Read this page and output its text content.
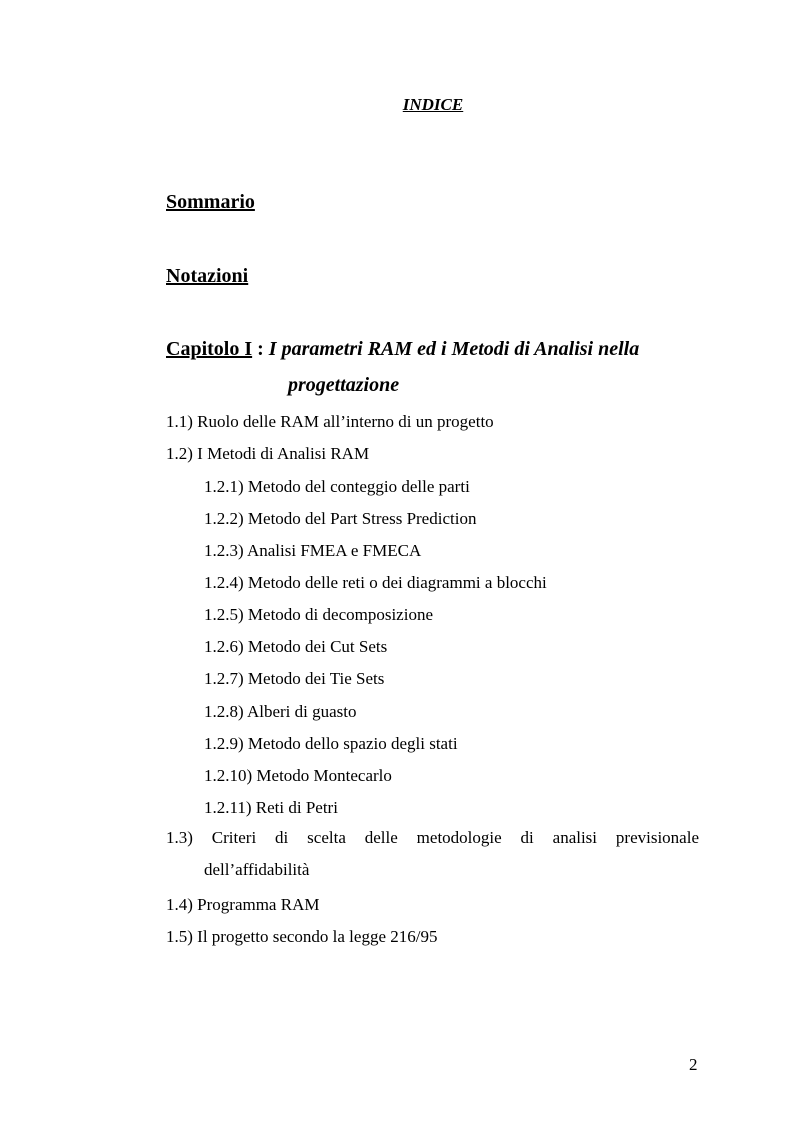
INDICE
Sommario
Notazioni
Capitolo I : I parametri RAM ed i Metodi di Analisi nella
progettazione
1.1) Ruolo delle RAM all’interno di un progetto
1.2) I Metodi di Analisi RAM
1.2.1) Metodo del conteggio delle parti
1.2.2) Metodo del Part Stress Prediction
1.2.3) Analisi FMEA e FMECA
1.2.4) Metodo delle reti o dei diagrammi a blocchi
1.2.5) Metodo di decomposizione
1.2.6) Metodo dei Cut Sets
1.2.7) Metodo dei Tie Sets
1.2.8) Alberi di guasto
1.2.9) Metodo dello spazio degli stati
1.2.10) Metodo Montecarlo
1.2.11) Reti di Petri
1.3) Criteri di scelta delle metodologie di analisi previsionale
dell’affidabilità
1.4) Programma RAM
1.5) Il progetto secondo la legge 216/95
2
